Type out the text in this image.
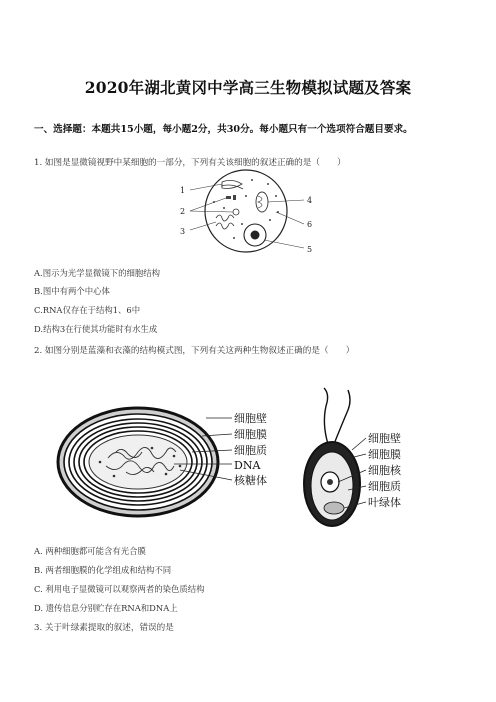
2020年湖北黄冈中学高三生物模拟试题及答案
一、选择题：本题共15小题，每小题2分，共30分。每小题只有一个选项符合题目要求。
1. 如图是显微镜视野中某细胞的一部分，下列有关该细胞的叙述正确的是（　　）
1
2
3
4
6
5
A.图示为光学显微镜下的细胞结构
B.图中有两个中心体
C.RNA仅存在于结构1、6中
D.结构3在行使其功能时有水生成
2. 如图分别是蓝藻和衣藻的结构模式图，下列有关这两种生物叙述正确的是（　　）
细胞壁
细胞膜
细胞质
DNA
核糖体
细胞壁
细胞膜
细胞核
细胞质
叶绿体
A. 两种细胞都可能含有光合膜
B. 两者细胞膜的化学组成和结构不同
C. 利用电子显微镜可以观察两者的染色质结构
D. 遗传信息分别贮存在RNA和DNA上
3. 关于叶绿素提取的叙述，错误的是
